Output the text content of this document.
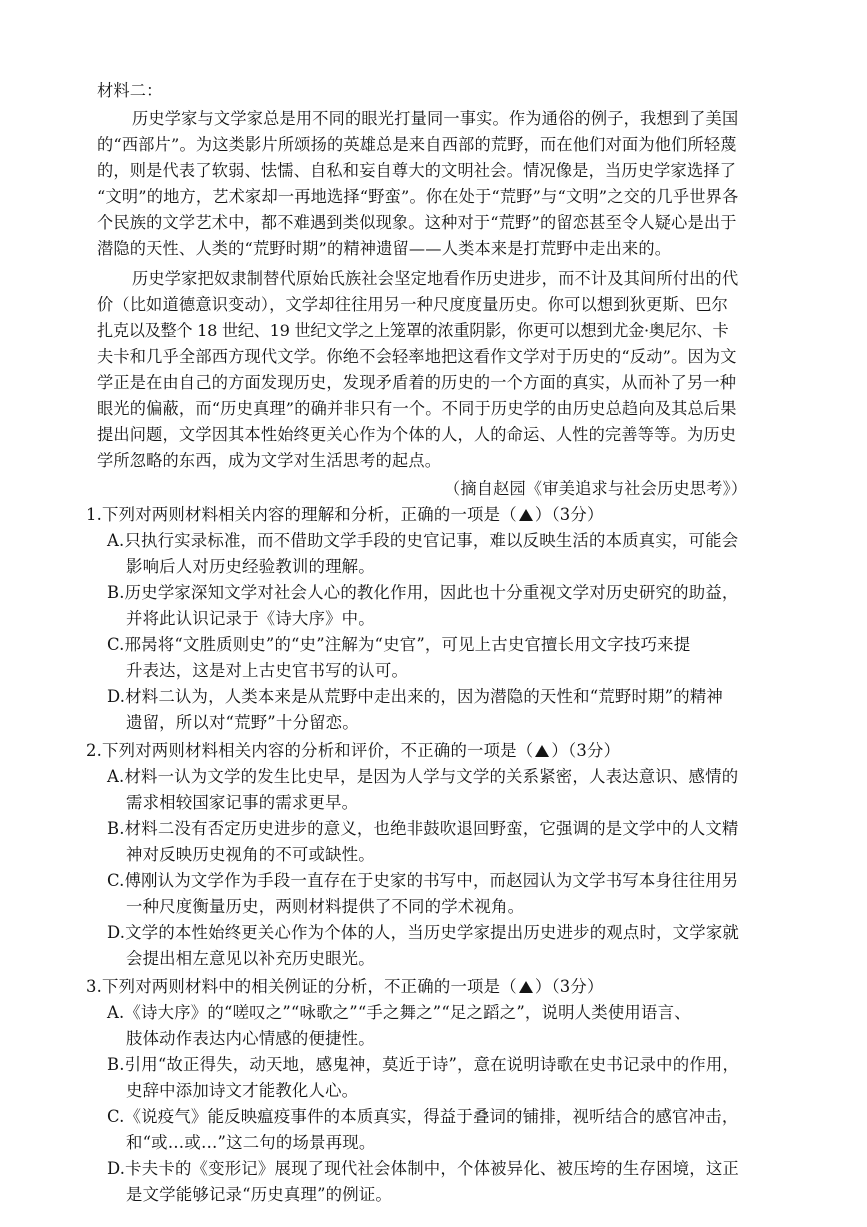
材料二：
历史学家与文学家总是用不同的眼光打量同一事实。作为通俗的例子，我想到了美国
的“西部片”。为这类影片所颂扬的英雄总是来自西部的荒野，而在他们对面为他们所轻蔑
的，则是代表了软弱、怯懦、自私和妄自尊大的文明社会。情况像是，当历史学家选择了
“文明”的地方，艺术家却一再地选择“野蛮”。你在处于“荒野”与“文明”之交的几乎世界各
个民族的文学艺术中，都不难遇到类似现象。这种对于“荒野”的留恋甚至令人疑心是出于
潜隐的天性、人类的“荒野时期”的精神遗留——人类本来是打荒野中走出来的。
历史学家把奴隶制替代原始氏族社会坚定地看作历史进步，而不计及其间所付出的代
价（比如道德意识变动），文学却往往用另一种尺度度量历史。你可以想到狄更斯、巴尔
扎克以及整个 18 世纪、19 世纪文学之上笼罩的浓重阴影，你更可以想到尤金·奥尼尔、卡
夫卡和几乎全部西方现代文学。你绝不会轻率地把这看作文学对于历史的“反动”。因为文
学正是在由自己的方面发现历史，发现矛盾着的历史的一个方面的真实，从而补了另一种
眼光的偏蔽，而“历史真理”的确并非只有一个。不同于历史学的由历史总趋向及其总后果
提出问题，文学因其本性始终更关心作为个体的人，人的命运、人性的完善等等。为历史
学所忽略的东西，成为文学对生活思考的起点。
（摘自赵园《审美追求与社会历史思考》）
1.下列对两则材料相关内容的理解和分析，正确的一项是（ ）（3分）
A.只执行实录标准，而不借助文学手段的史官记事，难以反映生活的本质真实，可能会
影响后人对历史经验教训的理解。
B.历史学家深知文学对社会人心的教化作用，因此也十分重视文学对历史研究的助益，
并将此认识记录于《诗大序》中。
C.邢昺将“文胜质则史”的“史”注解为“史官”，可见上古史官擅长用文字技巧来提
升表达，这是对上古史官书写的认可。
D.材料二认为，人类本来是从荒野中走出来的，因为潜隐的天性和“荒野时期”的精神
遗留，所以对“荒野”十分留恋。
2.下列对两则材料相关内容的分析和评价，不正确的一项是（ ）（3分）
A.材料一认为文学的发生比史早，是因为人学与文学的关系紧密，人表达意识、感情的
需求相较国家记事的需求更早。
B.材料二没有否定历史进步的意义，也绝非鼓吹退回野蛮，它强调的是文学中的人文精
神对反映历史视角的不可或缺性。
C.傅刚认为文学作为手段一直存在于史家的书写中，而赵园认为文学书写本身往往用另
一种尺度衡量历史，两则材料提供了不同的学术视角。
D.文学的本性始终更关心作为个体的人，当历史学家提出历史进步的观点时，文学家就
会提出相左意见以补充历史眼光。
3.下列对两则材料中的相关例证的分析，不正确的一项是（ ）（3分）
A.《诗大序》的“嗟叹之”“咏歌之”“手之舞之”“足之蹈之”，说明人类使用语言、
肢体动作表达内心情感的便捷性。
B.引用“故正得失，动天地，感鬼神，莫近于诗”，意在说明诗歌在史书记录中的作用，
史辞中添加诗文才能教化人心。
C.《说疫气》能反映瘟疫事件的本质真实，得益于叠词的铺排，视听结合的感官冲击，
和“或…或…”这二句的场景再现。
D.卡夫卡的《变形记》展现了现代社会体制中，个体被异化、被压垮的生存困境，这正
是文学能够记录“历史真理”的例证。
